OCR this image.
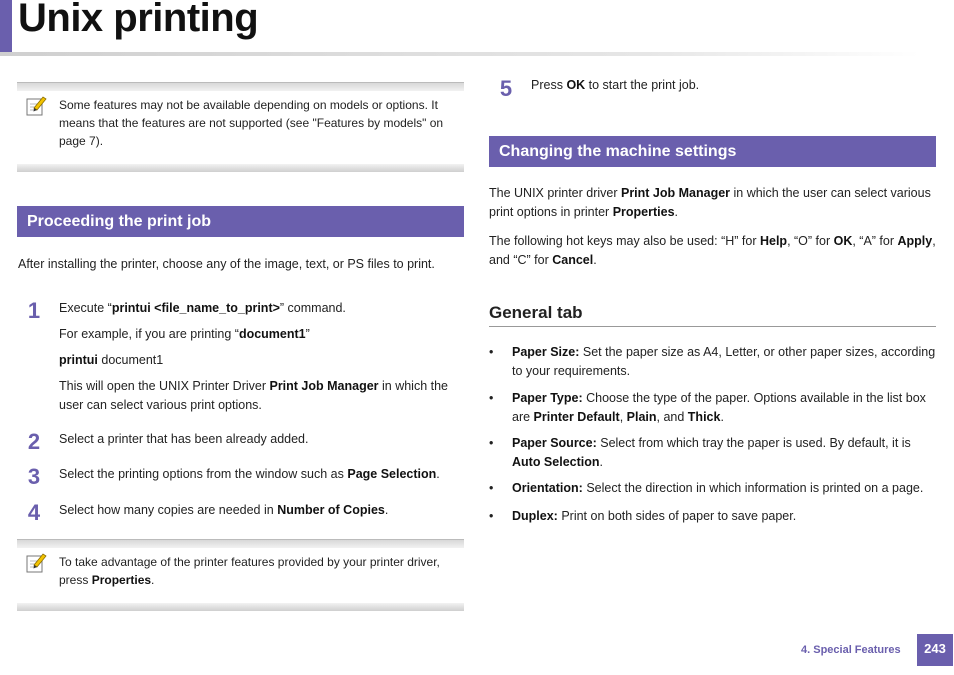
Unix printing
Some features may not be available depending on models or options. It means that the features are not supported (see "Features by models" on page 7).
Proceeding the print job
After installing the printer, choose any of the image, text, or PS files to print.
1	Execute “printui <file_name_to_print>” command.
For example, if you are printing “document1”
printui document1
This will open the UNIX Printer Driver Print Job Manager in which the user can select various print options.
2	Select a printer that has been already added.
3	Select the printing options from the window such as Page Selection.
4	Select how many copies are needed in Number of Copies.
To take advantage of the printer features provided by your printer driver, press Properties.
5	Press OK to start the print job.
Changing the machine settings
The UNIX printer driver Print Job Manager in which the user can select various print options in printer Properties.
The following hot keys may also be used: “H” for Help, “O” for OK, “A” for Apply, and “C” for Cancel.
General tab
• Paper Size: Set the paper size as A4, Letter, or other paper sizes, according to your requirements.
• Paper Type: Choose the type of the paper. Options available in the list box are Printer Default, Plain, and Thick.
• Paper Source: Select from which tray the paper is used. By default, it is Auto Selection.
• Orientation: Select the direction in which information is printed on a page.
• Duplex: Print on both sides of paper to save paper.
4. Special Features	243
